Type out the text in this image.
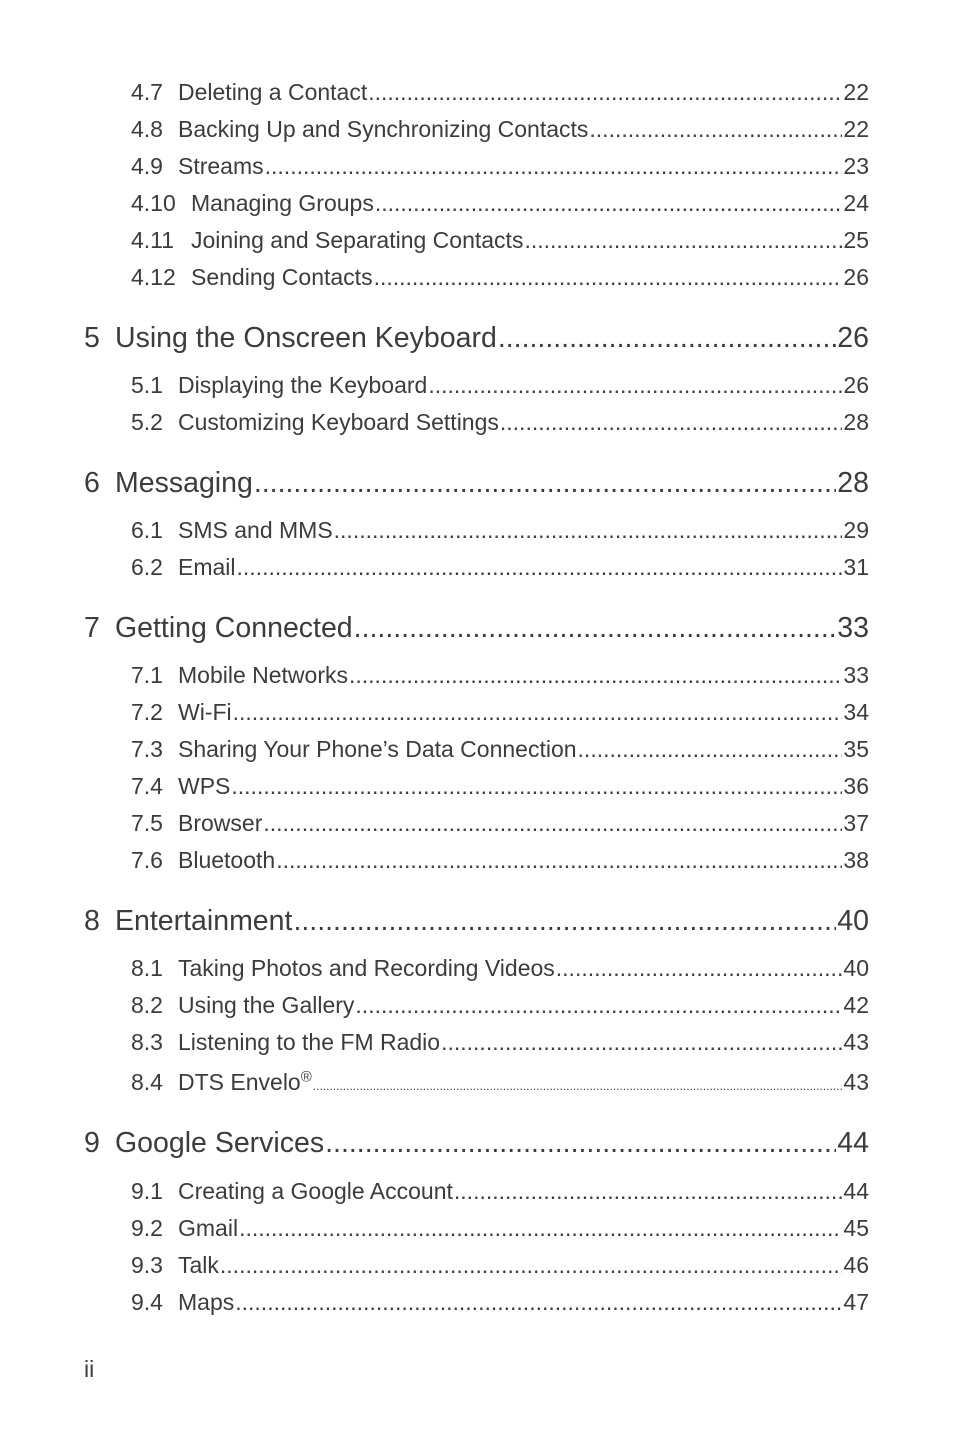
4.7 Deleting a Contact .....	22
4.8 Backing Up and Synchronizing Contacts .....	22
4.9 Streams .....	23
4.10 Managing Groups .....	24
4.11 Joining and Separating Contacts .....	25
4.12 Sending Contacts .....	26
5 Using the Onscreen Keyboard .....	26
5.1 Displaying the Keyboard .....	26
5.2 Customizing Keyboard Settings .....	28
6 Messaging .....	28
6.1 SMS and MMS .....	29
6.2 Email .....	31
7 Getting Connected .....	33
7.1 Mobile Networks .....	33
7.2 Wi-Fi .....	34
7.3 Sharing Your Phone’s Data Connection .....	35
7.4 WPS .....	36
7.5 Browser .....	37
7.6 Bluetooth .....	38
8 Entertainment .....	40
8.1 Taking Photos and Recording Videos .....	40
8.2 Using the Gallery .....	42
8.3 Listening to the FM Radio .....	43
8.4 DTS Envelo® .....	43
9 Google Services .....	44
9.1 Creating a Google Account .....	44
9.2 Gmail .....	45
9.3 Talk .....	46
9.4 Maps .....	47
ii
